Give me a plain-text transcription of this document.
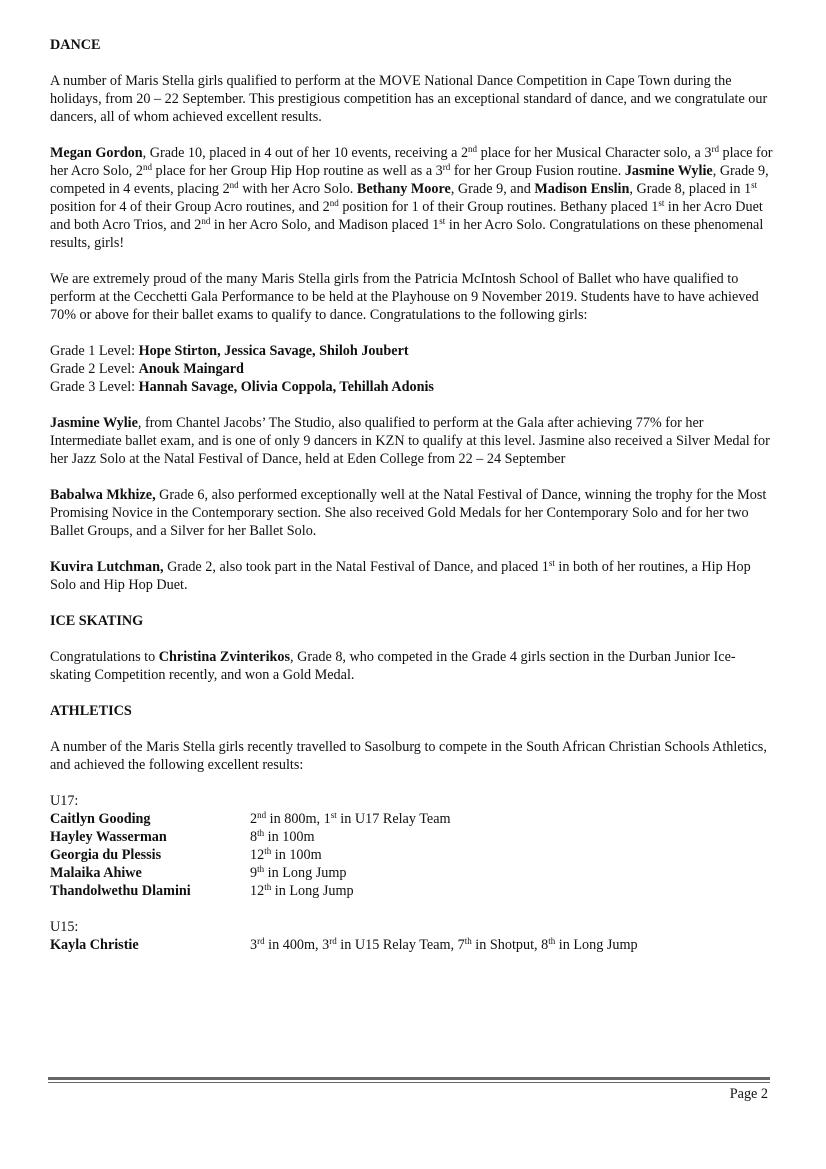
DANCE

A number of Maris Stella girls qualified to perform at the MOVE National Dance Competition in Cape Town during the holidays, from 20 – 22 September. This prestigious competition has an exceptional standard of dance, and we congratulate our dancers, all of whom achieved excellent results.

Megan Gordon, Grade 10, placed in 4 out of her 10 events, receiving a 2nd place for her Musical Character solo, a 3rd place for her Acro Solo, 2nd place for her Group Hip Hop routine as well as a 3rd for her Group Fusion routine. Jasmine Wylie, Grade 9, competed in 4 events, placing 2nd with her Acro Solo. Bethany Moore, Grade 9, and Madison Enslin, Grade 8, placed in 1st position for 4 of their Group Acro routines, and 2nd position for 1 of their Group routines. Bethany placed 1st in her Acro Duet and both Acro Trios, and 2nd in her Acro Solo, and Madison placed 1st in her Acro Solo. Congratulations on these phenomenal results, girls!

We are extremely proud of the many Maris Stella girls from the Patricia McIntosh School of Ballet who have qualified to perform at the Cecchetti Gala Performance to be held at the Playhouse on 9 November 2019. Students have to have achieved 70% or above for their ballet exams to qualify to dance. Congratulations to the following girls:

Grade 1 Level: Hope Stirton, Jessica Savage, Shiloh Joubert
Grade 2 Level: Anouk Maingard
Grade 3 Level: Hannah Savage, Olivia Coppola, Tehillah Adonis

Jasmine Wylie, from Chantel Jacobs’ The Studio, also qualified to perform at the Gala after achieving 77% for her Intermediate ballet exam, and is one of only 9 dancers in KZN to qualify at this level. Jasmine also received a Silver Medal for her Jazz Solo at the Natal Festival of Dance, held at Eden College from 22 – 24 September

Babalwa Mkhize, Grade 6, also performed exceptionally well at the Natal Festival of Dance, winning the trophy for the Most Promising Novice in the Contemporary section. She also received Gold Medals for her Contemporary Solo and for her two Ballet Groups, and a Silver for her Ballet Solo.

Kuvira Lutchman, Grade 2, also took part in the Natal Festival of Dance, and placed 1st in both of her routines, a Hip Hop Solo and Hip Hop Duet.

ICE SKATING

Congratulations to Christina Zvinterikos, Grade 8, who competed in the Grade 4 girls section in the Durban Junior Ice-skating Competition recently, and won a Gold Medal.

ATHLETICS

A number of the Maris Stella girls recently travelled to Sasolburg to compete in the South African Christian Schools Athletics, and achieved the following excellent results:

U17:
Caitlyn Gooding	2nd in 800m, 1st in U17 Relay Team
Hayley Wasserman	8th in 100m
Georgia du Plessis	12th in 100m
Malaika Ahiwe	9th in Long Jump
Thandolwethu Dlamini	12th in Long Jump
U15:
Kayla Christie	3rd in 400m, 3rd in U15 Relay Team, 7th in Shotput, 8th in Long Jump
Page 2
